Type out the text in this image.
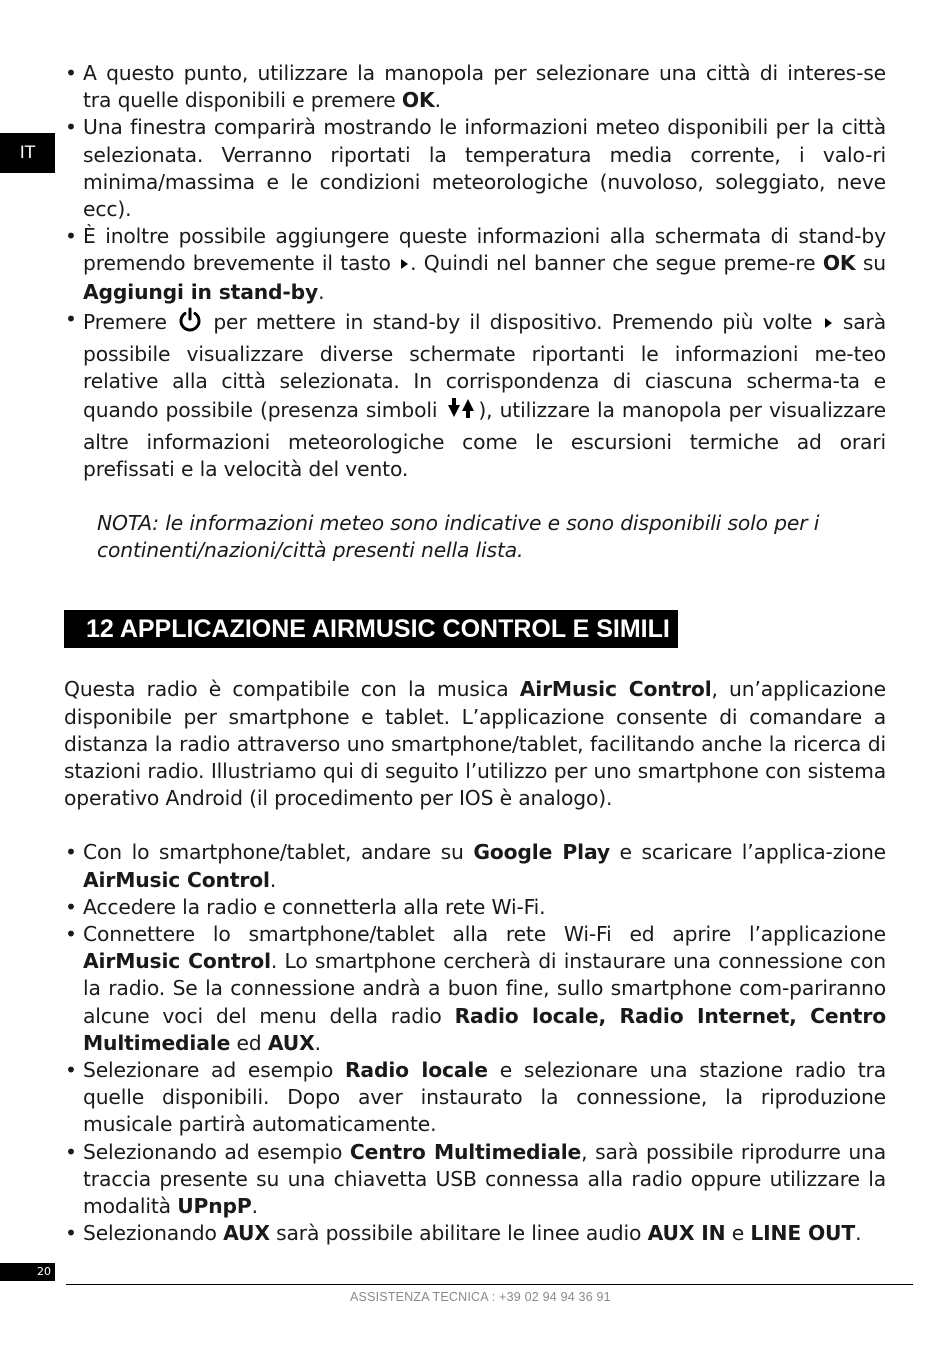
IT
• A questo punto, utilizzare la manopola per selezionare una città di interes-se tra quelle disponibili e premere OK.
• Una finestra comparirà mostrando le informazioni meteo disponibili per la città selezionata. Verranno riportati la temperatura media corrente, i valo-ri minima/massima e le condizioni meteorologiche (nuvoloso, soleggiato, neve ecc).
• È inoltre possibile aggiungere queste informazioni alla schermata di stand-by premendo brevemente il tasto . Quindi nel banner che segue preme-re OK su Aggiungi in stand-by.
• Premere  per mettere in stand-by il dispositivo. Premendo più volte  sarà possibile visualizzare diverse schermate riportanti le informazioni me-teo relative alla città selezionata. In corrispondenza di ciascuna scherma-ta e quando possibile (presenza simboli ), utilizzare la manopola per visualizzare altre informazioni meteorologiche come le escursioni termiche ad orari prefissati e la velocità del vento.
NOTA: le informazioni meteo sono indicative e sono disponibili solo per i continenti/nazioni/città presenti nella lista.
12 APPLICAZIONE AIRMUSIC CONTROL E SIMILI
Questa radio è compatibile con la musica AirMusic Control, un’applicazione disponibile per smartphone e tablet. L’applicazione consente di comandare a distanza la radio attraverso uno smartphone/tablet, facilitando anche la ricerca di stazioni radio. Illustriamo qui di seguito l’utilizzo per uno smartphone con sistema operativo Android (il procedimento per IOS è analogo).
• Con lo smartphone/tablet, andare su Google Play e scaricare l’applica-zione AirMusic Control.
• Accedere la radio e connetterla alla rete Wi-Fi.
• Connettere lo smartphone/tablet alla rete Wi-Fi ed aprire l’applicazione AirMusic Control. Lo smartphone cercherà di instaurare una connessione con la radio. Se la connessione andrà a buon fine, sullo smartphone com-pariranno alcune voci del menu della radio Radio locale, Radio Internet, Centro Multimediale ed AUX.
• Selezionare ad esempio Radio locale e selezionare una stazione radio tra quelle disponibili. Dopo aver instaurato la connessione, la riproduzione musicale partirà automaticamente.
• Selezionando ad esempio Centro Multimediale, sarà possibile riprodurre una traccia presente su una chiavetta USB connessa alla radio oppure utilizzare la modalità UPnpP.
• Selezionando AUX sarà possibile abilitare le linee audio AUX IN e LINE OUT.
20
ASSISTENZA TECNICA : +39 02 94 94 36 91
